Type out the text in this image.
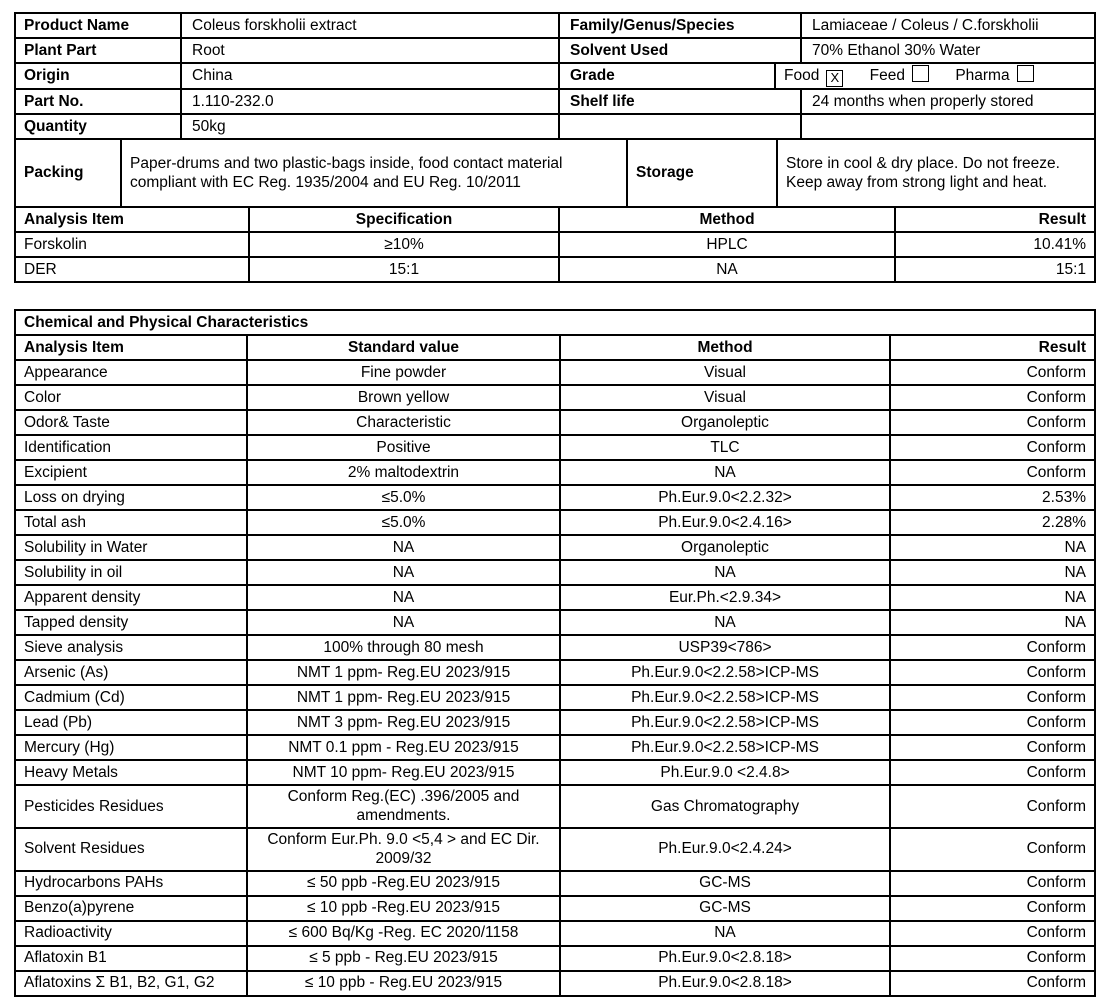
Product Name	Coleus forskholii extract	Family/Genus/Species		Lamiaceae / Coleus / C.forskholii
Plant Part	Root	Solvent Used		70% Ethanol 30% Water
Origin	China	Grade	Food X Feed Pharma	
Part No.	1.110-232.0	Shelf life		24 months when properly stored
Quantity	50kg			
Packing	Paper-drums and two plastic-bags inside, food contact material compliant with EC Reg. 1935/2004 and EU Reg. 10/2011	Storage	Store in cool & dry place. Do not freeze. Keep away from strong light and heat.
Analysis Item	Specification	Method	Result
Forskolin	≥10%	HPLC	10.41%
DER	15:1	NA	15:1
Chemical and Physical Characteristics			
Analysis Item	Standard value	Method	Result
Appearance	Fine powder	Visual	Conform
Color	Brown yellow	Visual	Conform
Odor& Taste	Characteristic	Organoleptic	Conform
Identification	Positive	TLC	Conform
Excipient	2% maltodextrin	NA	Conform
Loss on drying	≤5.0%	Ph.Eur.9.0<2.2.32>	2.53%
Total ash	≤5.0%	Ph.Eur.9.0<2.4.16>	2.28%
Solubility in Water	NA	Organoleptic	NA
Solubility in oil	NA	NA	NA
Apparent density	NA	Eur.Ph.<2.9.34>	NA
Tapped density	NA	NA	NA
Sieve analysis	100% through 80 mesh	USP39<786>	Conform
Arsenic (As)	NMT 1 ppm- Reg.EU 2023/915	Ph.Eur.9.0<2.2.58>ICP-MS	Conform
Cadmium (Cd)	NMT 1 ppm- Reg.EU 2023/915	Ph.Eur.9.0<2.2.58>ICP-MS	Conform
Lead (Pb)	NMT 3 ppm- Reg.EU 2023/915	Ph.Eur.9.0<2.2.58>ICP-MS	Conform
Mercury (Hg)	NMT 0.1 ppm - Reg.EU 2023/915	Ph.Eur.9.0<2.2.58>ICP-MS	Conform
Heavy Metals	NMT 10 ppm- Reg.EU 2023/915	Ph.Eur.9.0 <2.4.8>	Conform
Pesticides Residues	Conform Reg.(EC) .396/2005 and amendments.	Gas Chromatography	Conform
Solvent Residues	Conform Eur.Ph. 9.0 <5,4 > and EC Dir. 2009/32	Ph.Eur.9.0<2.4.24>	Conform
Hydrocarbons PAHs	≤ 50 ppb -Reg.EU 2023/915	GC-MS	Conform
Benzo(a)pyrene	≤ 10 ppb -Reg.EU 2023/915	GC-MS	Conform
Radioactivity	≤ 600 Bq/Kg -Reg. EC 2020/1158	NA	Conform
Aflatoxin B1	≤ 5 ppb - Reg.EU 2023/915	Ph.Eur.9.0<2.8.18>	Conform
Aflatoxins Σ B1, B2, G1, G2	≤ 10 ppb - Reg.EU 2023/915	Ph.Eur.9.0<2.8.18>	Conform
